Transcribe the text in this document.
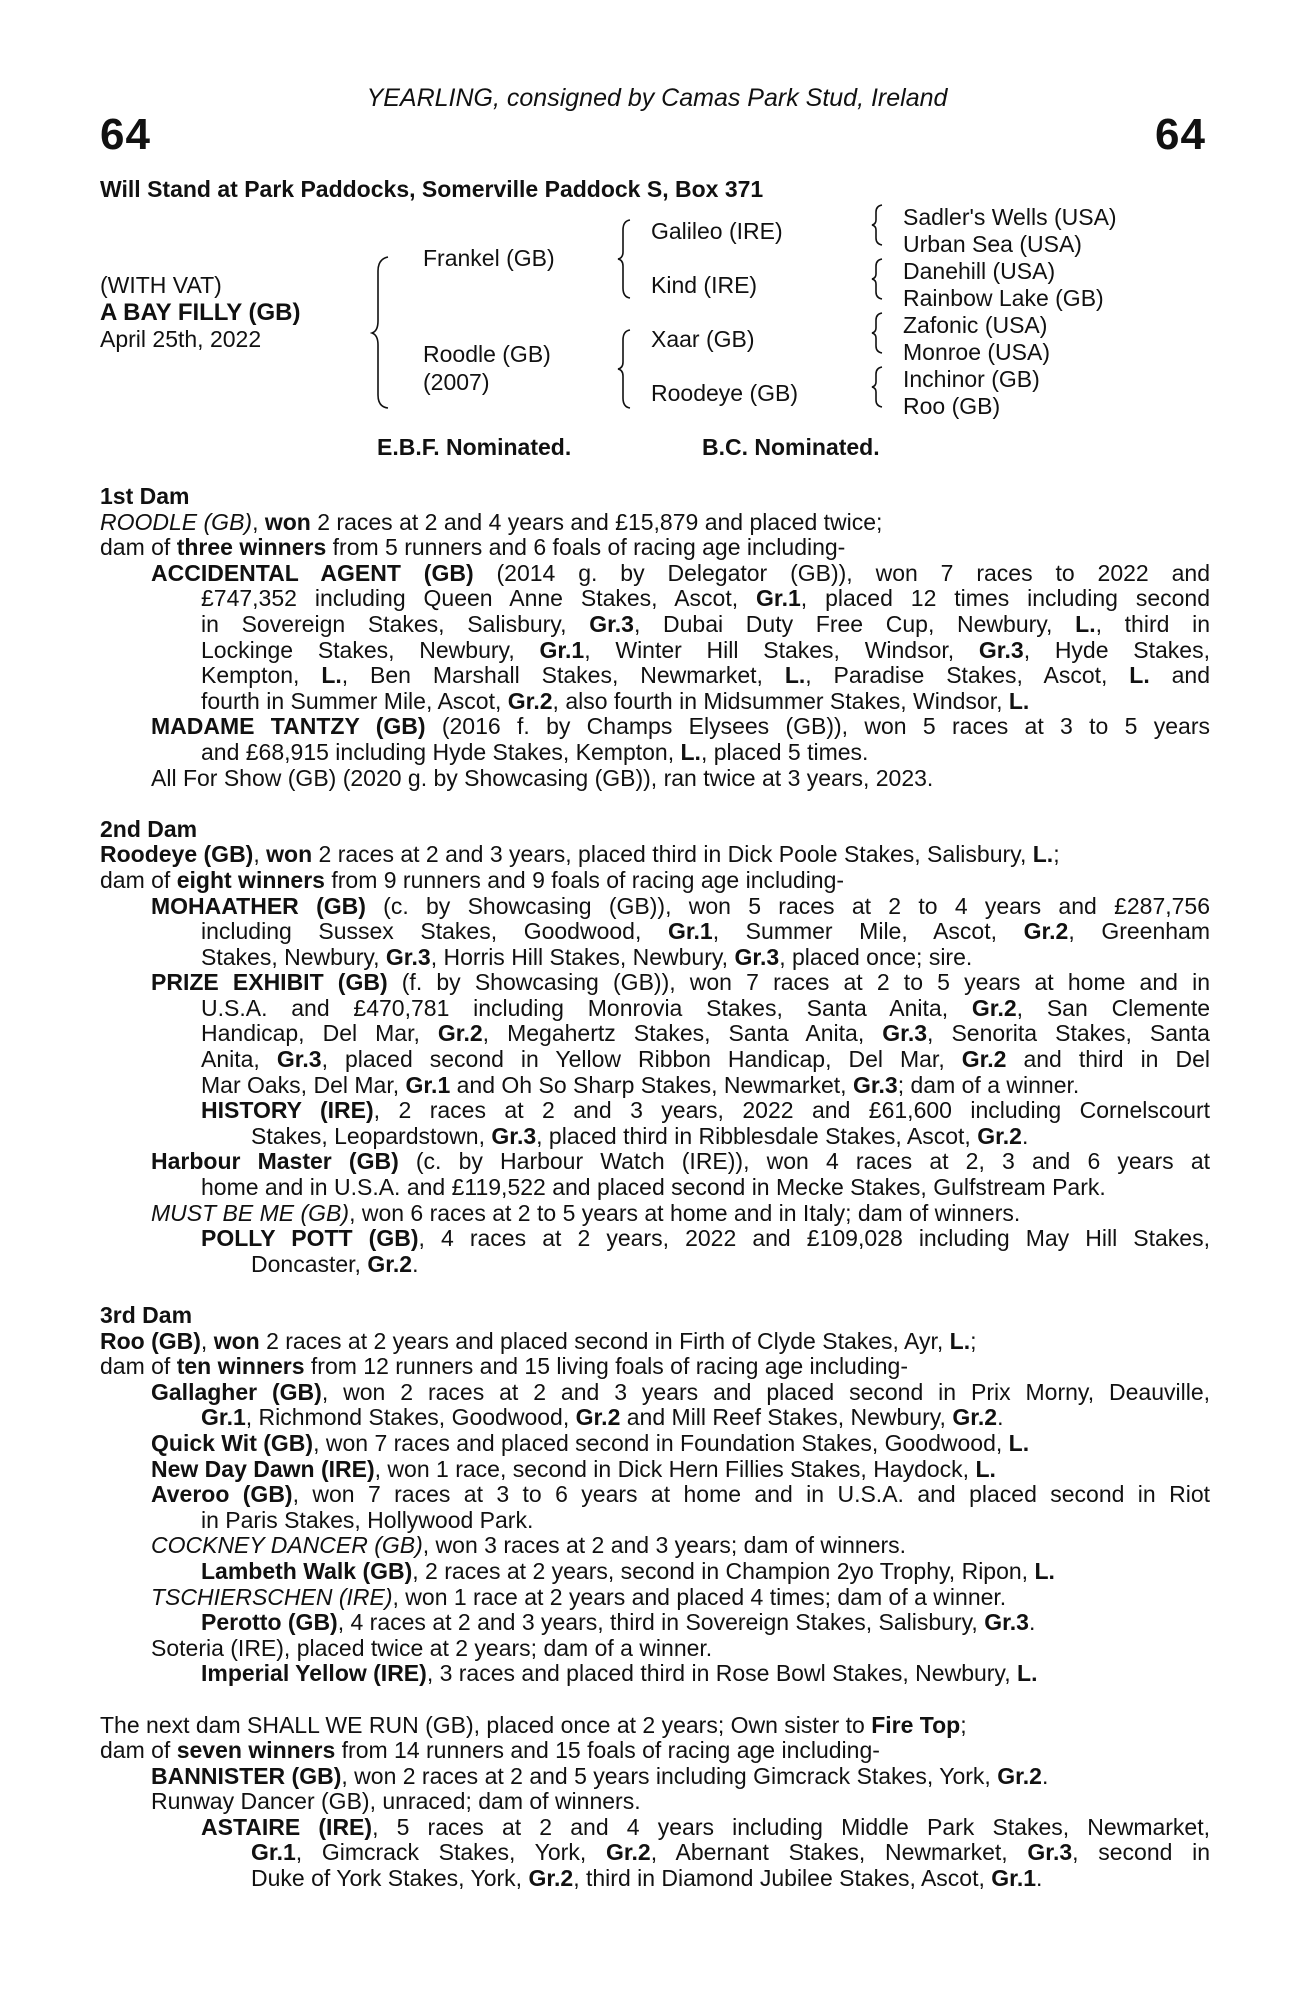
YEARLING, consigned by Camas Park Stud, Ireland
64	64
Will Stand at Park Paddocks, Somerville Paddock S, Box 371
(WITH VAT)
A BAY FILLY (GB)
April 25th, 2022
Frankel (GB)
Roodle (GB)
(2007)
Galileo (IRE)
Kind (IRE)
Xaar (GB)
Roodeye (GB)
Sadler's Wells (USA)
Urban Sea (USA)
Danehill (USA)
Rainbow Lake (GB)
Zafonic (USA)
Monroe (USA)
Inchinor (GB)
Roo (GB)
E.B.F. Nominated.	B.C. Nominated.
1st Dam
ROODLE (GB), won 2 races at 2 and 4 years and £15,879 and placed twice;
dam of three winners from 5 runners and 6 foals of racing age including-
ACCIDENTAL AGENT (GB) (2014 g. by Delegator (GB)), won 7 races to 2022 and
£747,352 including Queen Anne Stakes, Ascot, Gr.1, placed 12 times including second
in Sovereign Stakes, Salisbury, Gr.3, Dubai Duty Free Cup, Newbury, L., third in
Lockinge Stakes, Newbury, Gr.1, Winter Hill Stakes, Windsor, Gr.3, Hyde Stakes,
Kempton, L., Ben Marshall Stakes, Newmarket, L., Paradise Stakes, Ascot, L. and
fourth in Summer Mile, Ascot, Gr.2, also fourth in Midsummer Stakes, Windsor, L.
MADAME TANTZY (GB) (2016 f. by Champs Elysees (GB)), won 5 races at 3 to 5 years
and £68,915 including Hyde Stakes, Kempton, L., placed 5 times.
All For Show (GB) (2020 g. by Showcasing (GB)), ran twice at 3 years, 2023.
2nd Dam
Roodeye (GB), won 2 races at 2 and 3 years, placed third in Dick Poole Stakes, Salisbury, L.;
dam of eight winners from 9 runners and 9 foals of racing age including-
MOHAATHER (GB) (c. by Showcasing (GB)), won 5 races at 2 to 4 years and £287,756
including Sussex Stakes, Goodwood, Gr.1, Summer Mile, Ascot, Gr.2, Greenham
Stakes, Newbury, Gr.3, Horris Hill Stakes, Newbury, Gr.3, placed once; sire.
PRIZE EXHIBIT (GB) (f. by Showcasing (GB)), won 7 races at 2 to 5 years at home and in
U.S.A. and £470,781 including Monrovia Stakes, Santa Anita, Gr.2, San Clemente
Handicap, Del Mar, Gr.2, Megahertz Stakes, Santa Anita, Gr.3, Senorita Stakes, Santa
Anita, Gr.3, placed second in Yellow Ribbon Handicap, Del Mar, Gr.2 and third in Del
Mar Oaks, Del Mar, Gr.1 and Oh So Sharp Stakes, Newmarket, Gr.3; dam of a winner.
HISTORY (IRE), 2 races at 2 and 3 years, 2022 and £61,600 including Cornelscourt
Stakes, Leopardstown, Gr.3, placed third in Ribblesdale Stakes, Ascot, Gr.2.
Harbour Master (GB) (c. by Harbour Watch (IRE)), won 4 races at 2, 3 and 6 years at
home and in U.S.A. and £119,522 and placed second in Mecke Stakes, Gulfstream Park.
MUST BE ME (GB), won 6 races at 2 to 5 years at home and in Italy; dam of winners.
POLLY POTT (GB), 4 races at 2 years, 2022 and £109,028 including May Hill Stakes,
Doncaster, Gr.2.
3rd Dam
Roo (GB), won 2 races at 2 years and placed second in Firth of Clyde Stakes, Ayr, L.;
dam of ten winners from 12 runners and 15 living foals of racing age including-
Gallagher (GB), won 2 races at 2 and 3 years and placed second in Prix Morny, Deauville,
Gr.1, Richmond Stakes, Goodwood, Gr.2 and Mill Reef Stakes, Newbury, Gr.2.
Quick Wit (GB), won 7 races and placed second in Foundation Stakes, Goodwood, L.
New Day Dawn (IRE), won 1 race, second in Dick Hern Fillies Stakes, Haydock, L.
Averoo (GB), won 7 races at 3 to 6 years at home and in U.S.A. and placed second in Riot
in Paris Stakes, Hollywood Park.
COCKNEY DANCER (GB), won 3 races at 2 and 3 years; dam of winners.
Lambeth Walk (GB), 2 races at 2 years, second in Champion 2yo Trophy, Ripon, L.
TSCHIERSCHEN (IRE), won 1 race at 2 years and placed 4 times; dam of a winner.
Perotto (GB), 4 races at 2 and 3 years, third in Sovereign Stakes, Salisbury, Gr.3.
Soteria (IRE), placed twice at 2 years; dam of a winner.
Imperial Yellow (IRE), 3 races and placed third in Rose Bowl Stakes, Newbury, L.
The next dam SHALL WE RUN (GB), placed once at 2 years; Own sister to Fire Top;
dam of seven winners from 14 runners and 15 foals of racing age including-
BANNISTER (GB), won 2 races at 2 and 5 years including Gimcrack Stakes, York, Gr.2.
Runway Dancer (GB), unraced; dam of winners.
ASTAIRE (IRE), 5 races at 2 and 4 years including Middle Park Stakes, Newmarket,
Gr.1, Gimcrack Stakes, York, Gr.2, Abernant Stakes, Newmarket, Gr.3, second in
Duke of York Stakes, York, Gr.2, third in Diamond Jubilee Stakes, Ascot, Gr.1.
